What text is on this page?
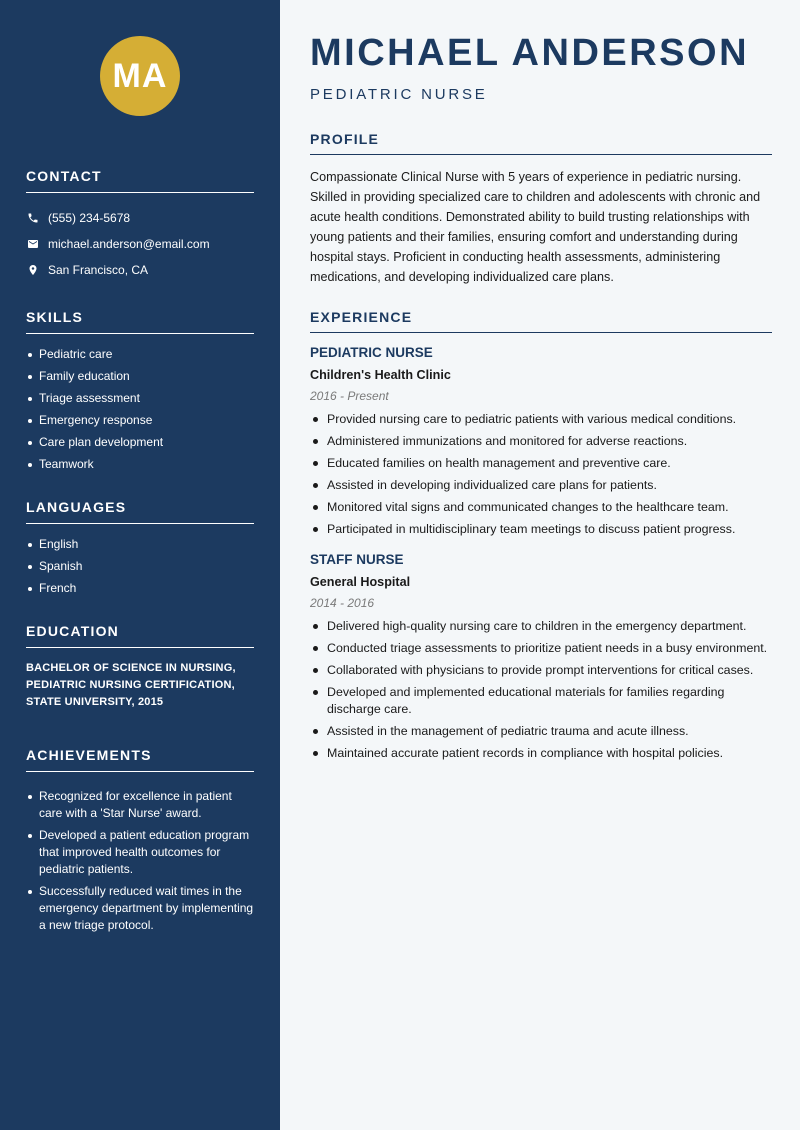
MA
CONTACT
(555) 234-5678
michael.anderson@email.com
San Francisco, CA
SKILLS
Pediatric care
Family education
Triage assessment
Emergency response
Care plan development
Teamwork
LANGUAGES
English
Spanish
French
EDUCATION
BACHELOR OF SCIENCE IN NURSING, PEDIATRIC NURSING CERTIFICATION, STATE UNIVERSITY, 2015
ACHIEVEMENTS
Recognized for excellence in patient care with a 'Star Nurse' award.
Developed a patient education program that improved health outcomes for pediatric patients.
Successfully reduced wait times in the emergency department by implementing a new triage protocol.
MICHAEL ANDERSON
PEDIATRIC NURSE
PROFILE

Compassionate Clinical Nurse with 5 years of experience in pediatric nursing. Skilled in providing specialized care to children and adolescents with chronic and acute health conditions. Demonstrated ability to build trusting relationships with young patients and their families, ensuring comfort and understanding during hospital stays. Proficient in conducting health assessments, administering medications, and developing individualized care plans.

EXPERIENCE
PEDIATRIC NURSE
Children's Health Clinic
2016 - Present
Provided nursing care to pediatric patients with various medical conditions.
Administered immunizations and monitored for adverse reactions.
Educated families on health management and preventive care.
Assisted in developing individualized care plans for patients.
Monitored vital signs and communicated changes to the healthcare team.
Participated in multidisciplinary team meetings to discuss patient progress.
STAFF NURSE
General Hospital
2014 - 2016
Delivered high-quality nursing care to children in the emergency department.
Conducted triage assessments to prioritize patient needs in a busy environment.
Collaborated with physicians to provide prompt interventions for critical cases.
Developed and implemented educational materials for families regarding discharge care.
Assisted in the management of pediatric trauma and acute illness.
Maintained accurate patient records in compliance with hospital policies.
